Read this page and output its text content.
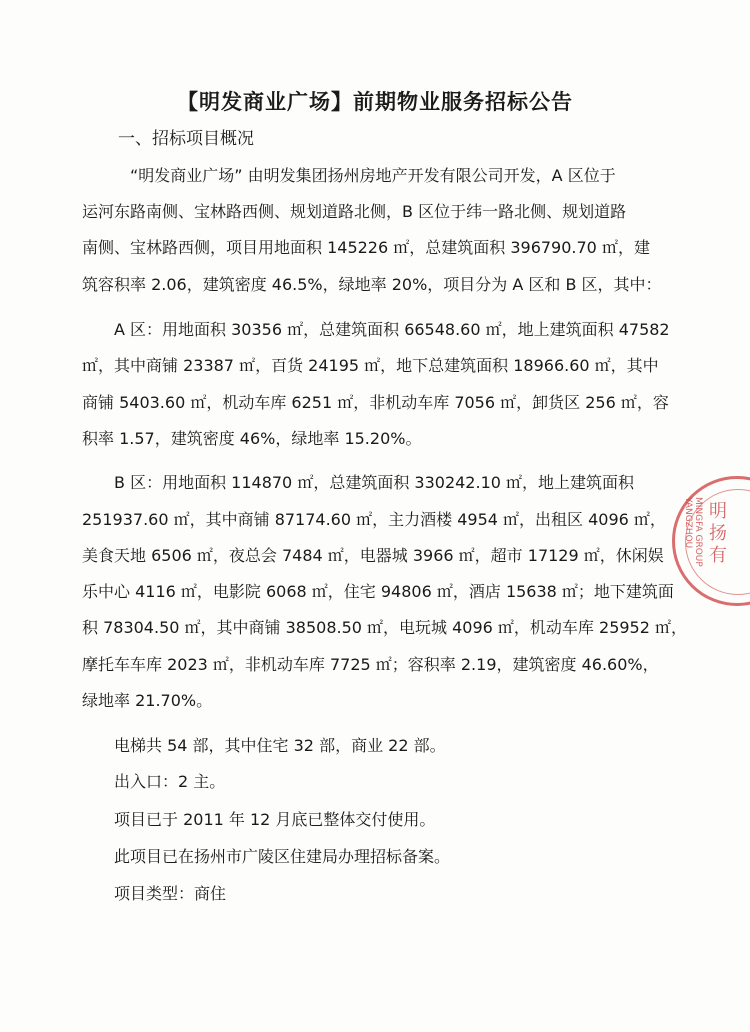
【明发商业广场】前期物业服务招标公告
一、招标项目概况
“明发商业广场” 由明发集团扬州房地产开发有限公司开发，A 区位于
运河东路南侧、宝林路西侧、规划道路北侧，B 区位于纬一路北侧、规划道路
南侧、宝林路西侧，项目用地面积 145226 ㎡，总建筑面积 396790.70 ㎡，建
筑容积率 2.06，建筑密度 46.5%，绿地率 20%，项目分为 A 区和 B 区，其中：
A 区：用地面积 30356 ㎡，总建筑面积 66548.60 ㎡，地上建筑面积 47582
㎡，其中商铺 23387 ㎡，百货 24195 ㎡，地下总建筑面积 18966.60 ㎡，其中
商铺 5403.60 ㎡，机动车库 6251 ㎡，非机动车库 7056 ㎡，卸货区 256 ㎡，容
积率 1.57，建筑密度 46%，绿地率 15.20%。
B 区：用地面积 114870 ㎡，总建筑面积 330242.10 ㎡，地上建筑面积
251937.60 ㎡，其中商铺 87174.60 ㎡，主力酒楼 4954 ㎡，出租区 4096 ㎡，
美食天地 6506 ㎡，夜总会 7484 ㎡，电器城 3966 ㎡，超市 17129 ㎡，休闲娱
乐中心 4116 ㎡，电影院 6068 ㎡，住宅 94806 ㎡，酒店 15638 ㎡；地下建筑面
积 78304.50 ㎡，其中商铺 38508.50 ㎡，电玩城 4096 ㎡，机动车库 25952 ㎡，
摩托车车库 2023 ㎡，非机动车库 7725 ㎡；容积率 2.19，建筑密度 46.60%，
绿地率 21.70%。
电梯共 54 部，其中住宅 32 部，商业 22 部。
出入口：2 主。
项目已于 2011 年 12 月底已整体交付使用。
此项目已在扬州市广陵区住建局办理招标备案。
项目类型：商住
MINGFA GROUP YANGZHOU 明扬有
